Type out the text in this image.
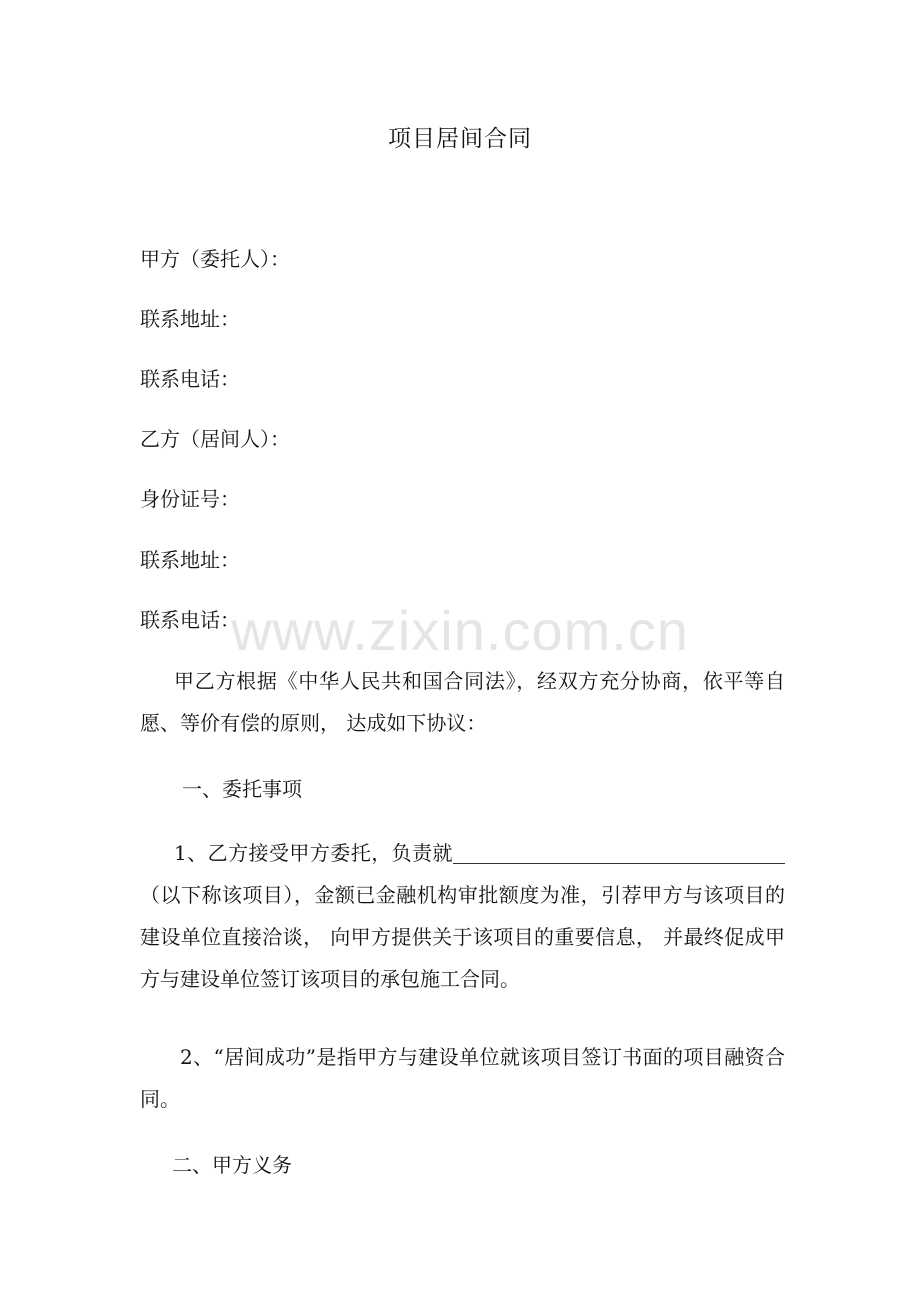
项目居间合同
甲方（委托人）：
联系地址：
联系电话：
乙方（居间人）：
身份证号：
联系地址：
联系电话：
甲乙方根据《中华人民共和国合同法》，经双方充分协商，依平等自愿、等价有偿的原则， 达成如下协议：
一、委托事项
1、乙方接受甲方委托，负责就（以下称该项目），金额已金融机构审批额度为准，引荐甲方与该项目的建设单位直接洽谈， 向甲方提供关于该项目的重要信息， 并最终促成甲方与建设单位签订该项目的承包施工合同。
2、“居间成功”是指甲方与建设单位就该项目签订书面的项目融资合同。
二、甲方义务
www.zixin.com.cn
